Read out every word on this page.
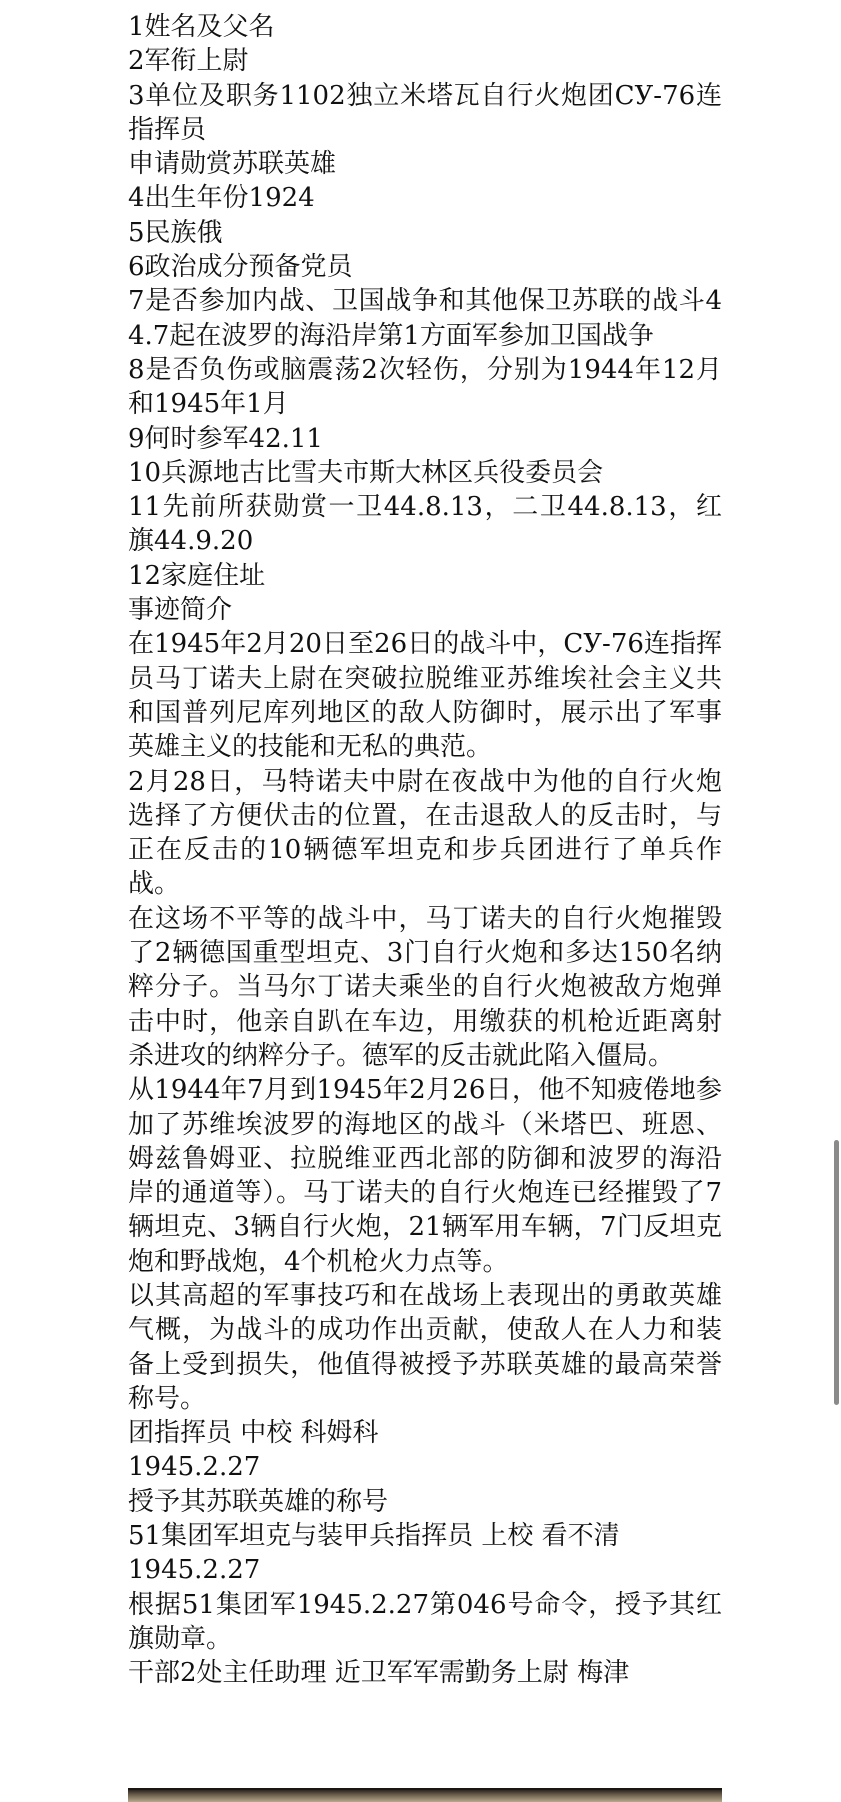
1姓名及父名

2军衔上尉

3单位及职务1102独立米塔瓦自行火炮团СУ-76连指挥员

申请勋赏苏联英雄

4出生年份1924

5民族俄

6政治成分预备党员

7是否参加内战、卫国战争和其他保卫苏联的战斗44.7起在波罗的海沿岸第1方面军参加卫国战争

8是否负伤或脑震荡2次轻伤，分别为1944年12月和1945年1月

9何时参军42.11

10兵源地古比雪夫市斯大林区兵役委员会

11先前所获勋赏一卫44.8.13，二卫44.8.13，红旗44.9.20

12家庭住址

事迹简介

在1945年2月20日至26日的战斗中，СУ-76连指挥员马丁诺夫上尉在突破拉脱维亚苏维埃社会主义共和国普列尼库列地区的敌人防御时，展示出了军事英雄主义的技能和无私的典范。

2月28日，马特诺夫中尉在夜战中为他的自行火炮选择了方便伏击的位置，在击退敌人的反击时，与正在反击的10辆德军坦克和步兵团进行了单兵作战。

在这场不平等的战斗中，马丁诺夫的自行火炮摧毁了2辆德国重型坦克、3门自行火炮和多达150名纳粹分子。当马尔丁诺夫乘坐的自行火炮被敌方炮弹击中时，他亲自趴在车边，用缴获的机枪近距离射杀进攻的纳粹分子。德军的反击就此陷入僵局。

从1944年7月到1945年2月26日，他不知疲倦地参加了苏维埃波罗的海地区的战斗（米塔巴、班恩、姆兹鲁姆亚、拉脱维亚西北部的防御和波罗的海沿岸的通道等）。马丁诺夫的自行火炮连已经摧毁了7辆坦克、3辆自行火炮，21辆军用车辆，7门反坦克炮和野战炮，4个机枪火力点等。

以其高超的军事技巧和在战场上表现出的勇敢英雄气概，为战斗的成功作出贡献，使敌人在人力和装备上受到损失，他值得被授予苏联英雄的最高荣誉称号。

团指挥员 中校 科姆科

1945.2.27

授予其苏联英雄的称号

51集团军坦克与装甲兵指挥员 上校 看不清

1945.2.27

根据51集团军1945.2.27第046号命令，授予其红旗勋章。

干部2处主任助理 近卫军军需勤务上尉 梅津
